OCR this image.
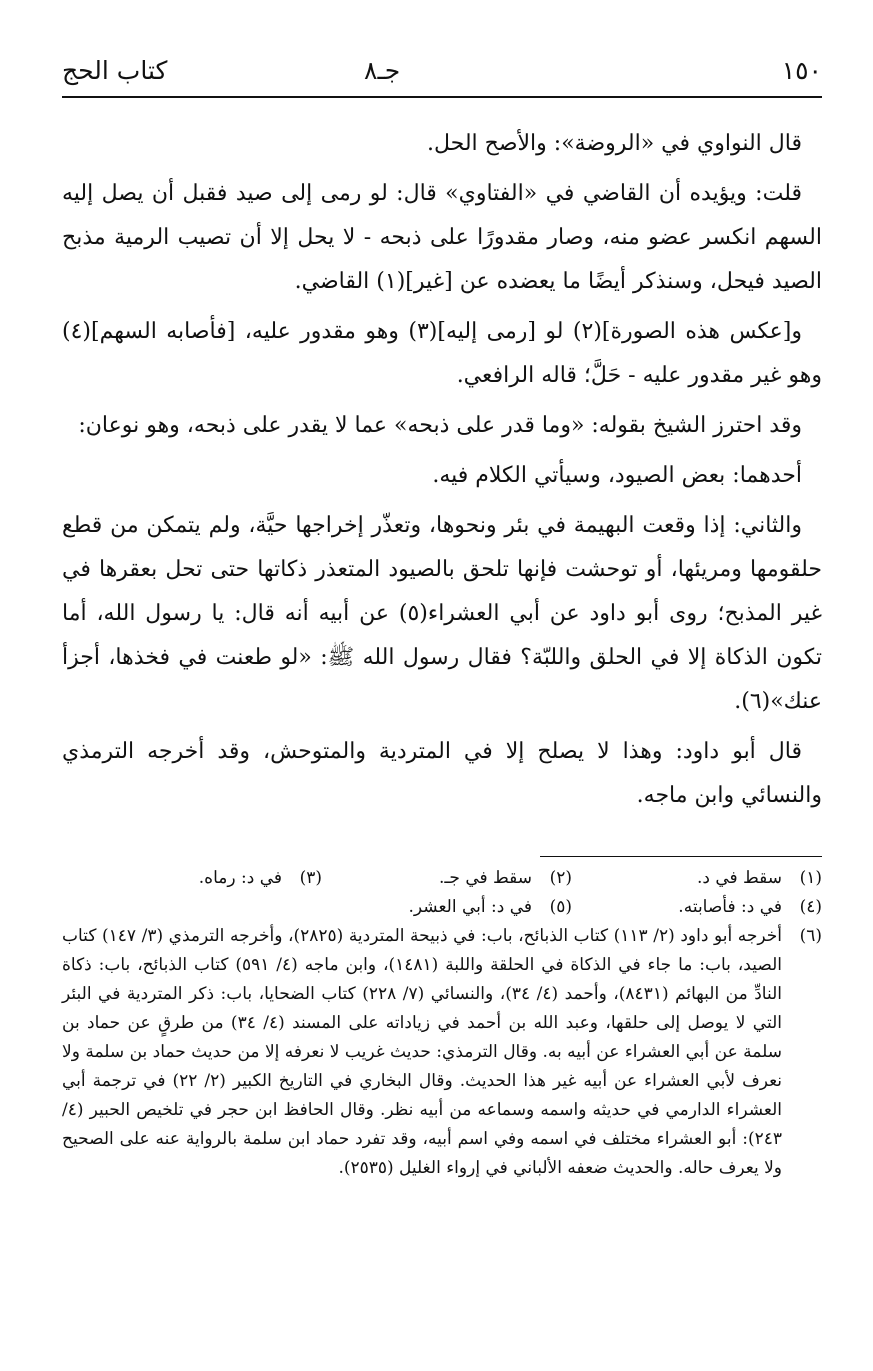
١٥٠
جـ٨
كتاب الحج

قال النواوي في «الروضة»: والأصح الحل.

قلت: ويؤيده أن القاضي في «الفتاوي» قال: لو رمى إلى صيد فقبل أن يصل إليه السهم انكسر عضو منه، وصار مقدورًا على ذبحه - لا يحل إلا أن تصيب الرمية مذبح الصيد فيحل، وسنذكر أيضًا ما يعضده عن [غير](١) القاضي.

و[عكس هذه الصورة](٢) لو [رمى إليه](٣) وهو مقدور عليه، [فأصابه السهم](٤) وهو غير مقدور عليه - حَلَّ؛ قاله الرافعي.

وقد احترز الشيخ بقوله: «وما قدر على ذبحه» عما لا يقدر على ذبحه، وهو نوعان:

أحدهما: بعض الصيود، وسيأتي الكلام فيه.

والثاني: إذا وقعت البهيمة في بئر ونحوها، وتعذّر إخراجها حيَّة، ولم يتمكن من قطع حلقومها ومريئها، أو توحشت فإنها تلحق بالصيود المتعذر ذكاتها حتى تحل بعقرها في غير المذبح؛ روى أبو داود عن أبي العشراء(٥) عن أبيه أنه قال: يا رسول الله، أما تكون الذكاة إلا في الحلق واللبّة؟ فقال رسول الله ﷺ: «لو طعنت في فخذها، أجزأ عنك»(٦).

قال أبو داود: وهذا لا يصلح إلا في المتردية والمتوحش، وقد أخرجه الترمذي والنسائي وابن ماجه.

(١)
سقط في د.
(٢)
سقط في جـ.
(٣)
في د: رماه.
(٤)
في د: فأصابته.
(٥)
في د: أبي العشر.
(٦)
أخرجه أبو داود (٢/ ١١٣) كتاب الذبائح، باب: في ذبيحة المتردية (٢٨٢٥)، وأخرجه الترمذي (٣/ ١٤٧) كتاب الصيد، باب: ما جاء في الذكاة في الحلقة واللبة (١٤٨١)، وابن ماجه (٤/ ٥٩١) كتاب الذبائح، باب: ذكاة النادِّ من البهائم (٨٤٣١)، وأحمد (٤/ ٣٤)، والنسائي (٧/ ٢٢٨) كتاب الضحايا، باب: ذكر المتردية في البئر التي لا يوصل إلى حلقها، وعبد الله بن أحمد في زياداته على المسند (٤/ ٣٤) من طرقٍ عن حماد بن سلمة عن أبي العشراء عن أبيه به. وقال الترمذي: حديث غريب لا نعرفه إلا من حديث حماد بن سلمة ولا نعرف لأبي العشراء عن أبيه غير هذا الحديث. وقال البخاري في التاريخ الكبير (٢/ ٢٢) في ترجمة أبي العشراء الدارمي في حديثه واسمه وسماعه من أبيه نظر. وقال الحافظ ابن حجر في تلخيص الحبير (٤/ ٢٤٣): أبو العشراء مختلف في اسمه وفي اسم أبيه، وقد تفرد حماد ابن سلمة بالرواية عنه على الصحيح ولا يعرف حاله. والحديث ضعفه الألباني في إرواء الغليل (٢٥٣٥).
